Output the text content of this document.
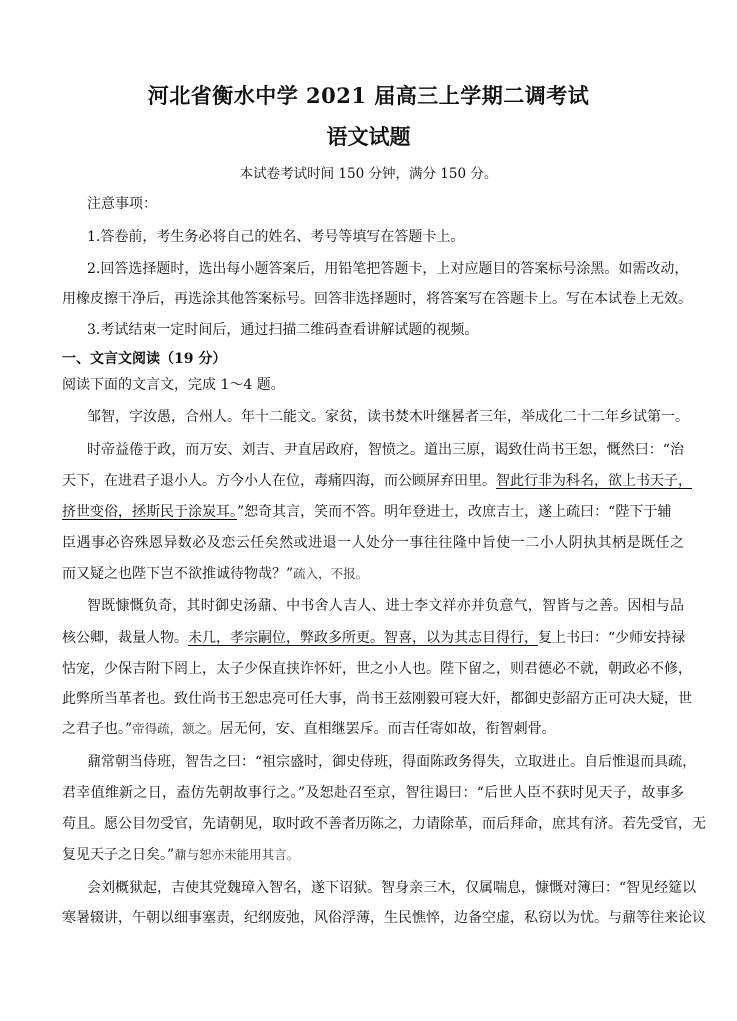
河北省衡水中学 2021 届高三上学期二调考试
语文试题
本试卷考试时间 150 分钟，满分 150 分。
注意事项：
1.答卷前，考生务必将自己的姓名、考号等填写在答题卡上。
2.回答选择题时，选出每小题答案后，用铅笔把答题卡，上对应题目的答案标号涂黑。如需改动，
用橡皮擦干净后，再选涂其他答案标号。回答非选择题时，将答案写在答题卡上。写在本试卷上无效。
3.考试结束一定时间后，通过扫描二维码查看讲解试题的视频。
一、文言文阅读（19 分）
阅读下面的文言文，完成 1～4 题。
邹智，字汝愚，合州人。年十二能文。家贫，读书焚木叶继晷者三年，举成化二十二年乡试第一。
时帝益倦于政，而万安、刘吉、尹直居政府，智愤之。道出三原，谒致仕尚书王恕，慨然曰：“治
天下，在进君子退小人。方今小人在位，毒痛四海，而公顾屏弃田里。智此行非为科名，欲上书天子，
挤世变俗，拯斯民于涂炭耳。”恕奇其言，笑而不答。明年登进士，改庶吉士，遂上疏曰：“陛下于辅
臣遇事必咨殊恩异数必及恋云任矣然或进退一人处分一事往往隆中旨使一二小人阴执其柄是既任之
而又疑之也陛下岂不欲推诚待物哉？”疏入，不报。
智既慷慨负奇，其时御史汤鼐、中书舍人吉人、进士李文祥亦并负意气，智皆与之善。因相与品
核公卿，裁量人物。未几，孝宗嗣位，弊政多所更。智喜，以为其志目得行，复上书曰：“少师安持禄
怙宠，少保吉附下罔上，太子少保直挟诈怀奸，世之小人也。陛下留之，则君德必不就，朝政必不修，
此弊所当革者也。致仕尚书王恕忠亮可任大事，尚书王兹刚毅可寝大奸，都御史彭韶方正可决大疑，世
之君子也。”帝得疏，颔之。居无何，安、直相继罢斥。而吉任寄如故，衔智刺骨。
鼐常朝当侍班，智告之曰：“祖宗盛时，御史侍班，得面陈政务得失，立取进止。自后惟退而具疏，
君幸值维新之日，盍仿先朝故事行之。”及恕赴召至京，智往谒曰：“后世人臣不获时见天子，故事多
苟且。愿公目勿受官，先请朝见，取时政不善者历陈之，力请除革，而后拜命，庶其有济。若先受官，无
复见天子之日矣。”鼐与恕亦未能用其言。
会刘概狱起，吉使其党魏璋入智名，遂下诏狱。智身亲三木，仅属喘息，慷慨对簿曰：“智见经筵以
寒暑辍讲，午朝以细事塞责，纪纲废弛，风俗浮薄，生民憔悴，边备空虚，私窃以为忧。与鼐等往来论议
